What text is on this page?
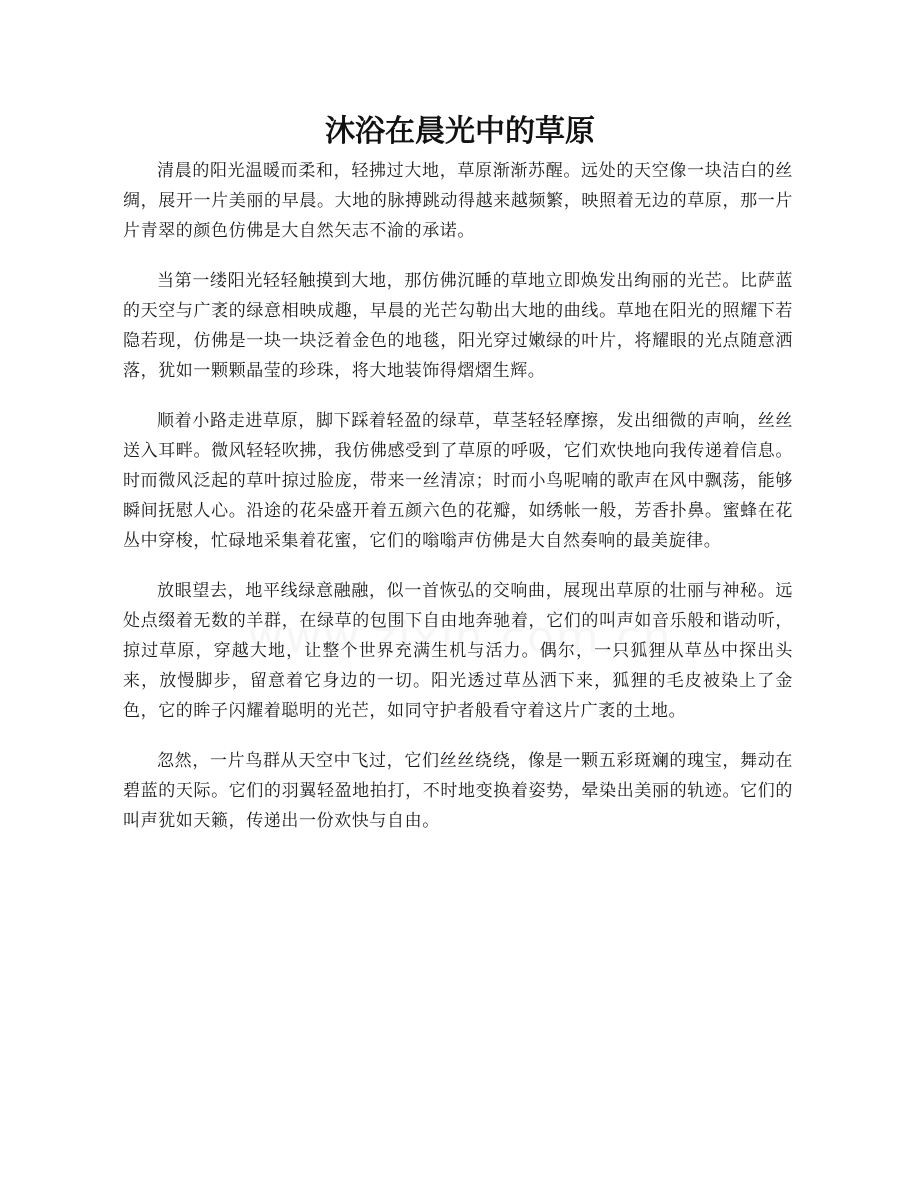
沐浴在晨光中的草原

清晨的阳光温暖而柔和，轻拂过大地，草原渐渐苏醒。远处的天空像一块洁白的丝绸，展开一片美丽的早晨。大地的脉搏跳动得越来越频繁，映照着无边的草原，那一片片青翠的颜色仿佛是大自然矢志不渝的承诺。

当第一缕阳光轻轻触摸到大地，那仿佛沉睡的草地立即焕发出绚丽的光芒。比萨蓝的天空与广袤的绿意相映成趣，早晨的光芒勾勒出大地的曲线。草地在阳光的照耀下若隐若现，仿佛是一块一块泛着金色的地毯，阳光穿过嫩绿的叶片，将耀眼的光点随意洒落，犹如一颗颗晶莹的珍珠，将大地装饰得熠熠生辉。

顺着小路走进草原，脚下踩着轻盈的绿草，草茎轻轻摩擦，发出细微的声响，丝丝送入耳畔。微风轻轻吹拂，我仿佛感受到了草原的呼吸，它们欢快地向我传递着信息。时而微风泛起的草叶掠过脸庞，带来一丝清凉；时而小鸟呢喃的歌声在风中飘荡，能够瞬间抚慰人心。沿途的花朵盛开着五颜六色的花瓣，如绣帐一般，芳香扑鼻。蜜蜂在花丛中穿梭，忙碌地采集着花蜜，它们的嗡嗡声仿佛是大自然奏响的最美旋律。

放眼望去，地平线绿意融融，似一首恢弘的交响曲，展现出草原的壮丽与神秘。远处点缀着无数的羊群，在绿草的包围下自由地奔驰着，它们的叫声如音乐般和谐动听，掠过草原，穿越大地，让整个世界充满生机与活力。偶尔，一只狐狸从草丛中探出头来，放慢脚步，留意着它身边的一切。阳光透过草丛洒下来，狐狸的毛皮被染上了金色，它的眸子闪耀着聪明的光芒，如同守护者般看守着这片广袤的土地。

忽然，一片鸟群从天空中飞过，它们丝丝绕绕，像是一颗五彩斑斓的瑰宝，舞动在碧蓝的天际。它们的羽翼轻盈地拍打，不时地变换着姿势，晕染出美丽的轨迹。它们的叫声犹如天籁，传递出一份欢快与自由。
